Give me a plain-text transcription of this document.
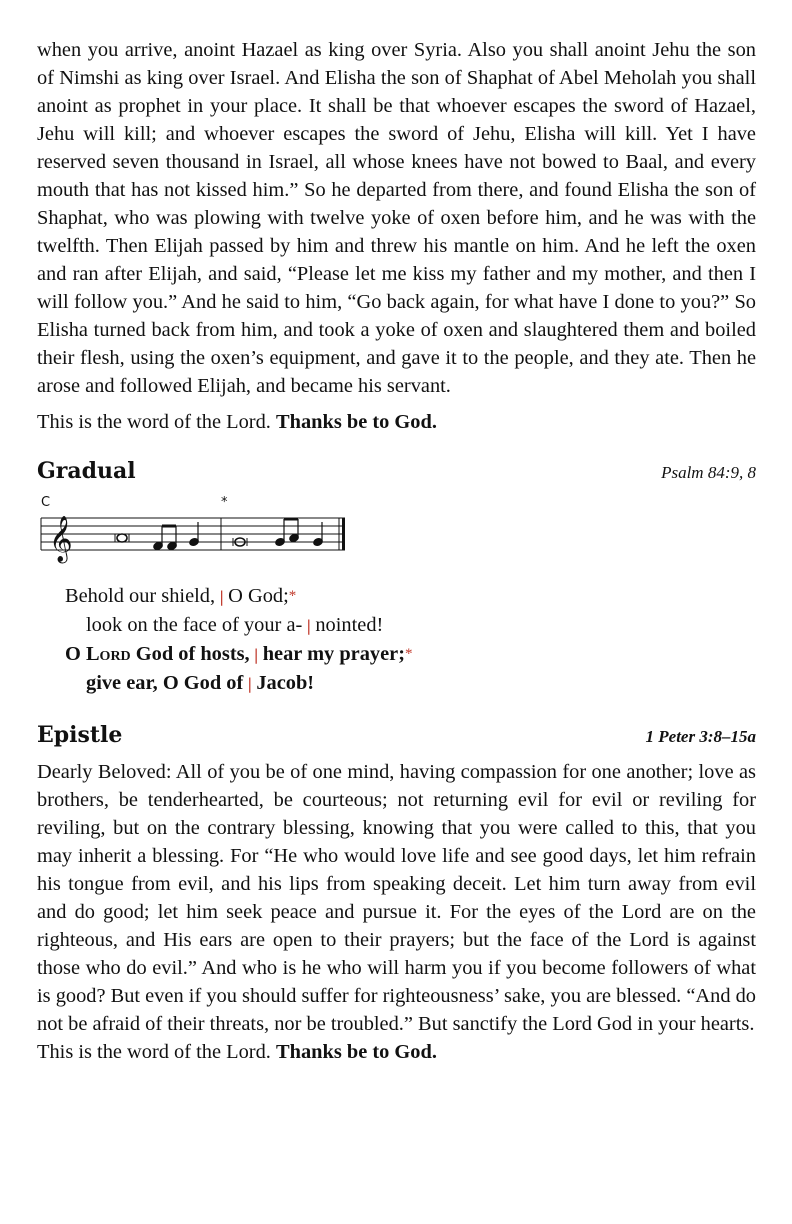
when you arrive, anoint Hazael as king over Syria. Also you shall anoint Jehu the son of Nimshi as king over Israel. And Elisha the son of Shaphat of Abel Meholah you shall anoint as prophet in your place. It shall be that whoever escapes the sword of Hazael, Jehu will kill; and whoever escapes the sword of Jehu, Elisha will kill. Yet I have reserved seven thousand in Israel, all whose knees have not bowed to Baal, and every mouth that has not kissed him.” So he departed from there, and found Elisha the son of Shaphat, who was plowing with twelve yoke of oxen before him, and he was with the twelfth. Then Elijah passed by him and threw his mantle on him. And he left the oxen and ran after Elijah, and said, “Please let me kiss my father and my mother, and then I will follow you.” And he said to him, “Go back again, for what have I done to you?” So Elisha turned back from him, and took a yoke of oxen and slaughtered them and boiled their flesh, using the oxen’s equipment, and gave it to the people, and they ate. Then he arose and followed Elijah, and became his servant.

This is the word of the Lord. Thanks be to God.

Gradual	Psalm 84:9, 8
C	*
𝄞
Behold our shield, | O God;*
look on the face of your a- | nointed!
O Lord God of hosts, | hear my prayer;*
give ear, O God of | Jacob!
Epistle	1 Peter 3:8–15a

Dearly Beloved: All of you be of one mind, having compassion for one another; love as brothers, be tenderhearted, be courteous; not returning evil for evil or reviling for reviling, but on the contrary blessing, knowing that you were called to this, that you may inherit a blessing. For “He who would love life and see good days, let him refrain his tongue from evil, and his lips from speaking deceit. Let him turn away from evil and do good; let him seek peace and pursue it. For the eyes of the Lord are on the righteous, and His ears are open to their prayers; but the face of the Lord is against those who do evil.” And who is he who will harm you if you become followers of what is good? But even if you should suffer for righteousness’ sake, you are blessed. “And do not be afraid of their threats, nor be troubled.” But sanctify the Lord God in your hearts.

This is the word of the Lord. Thanks be to God.
